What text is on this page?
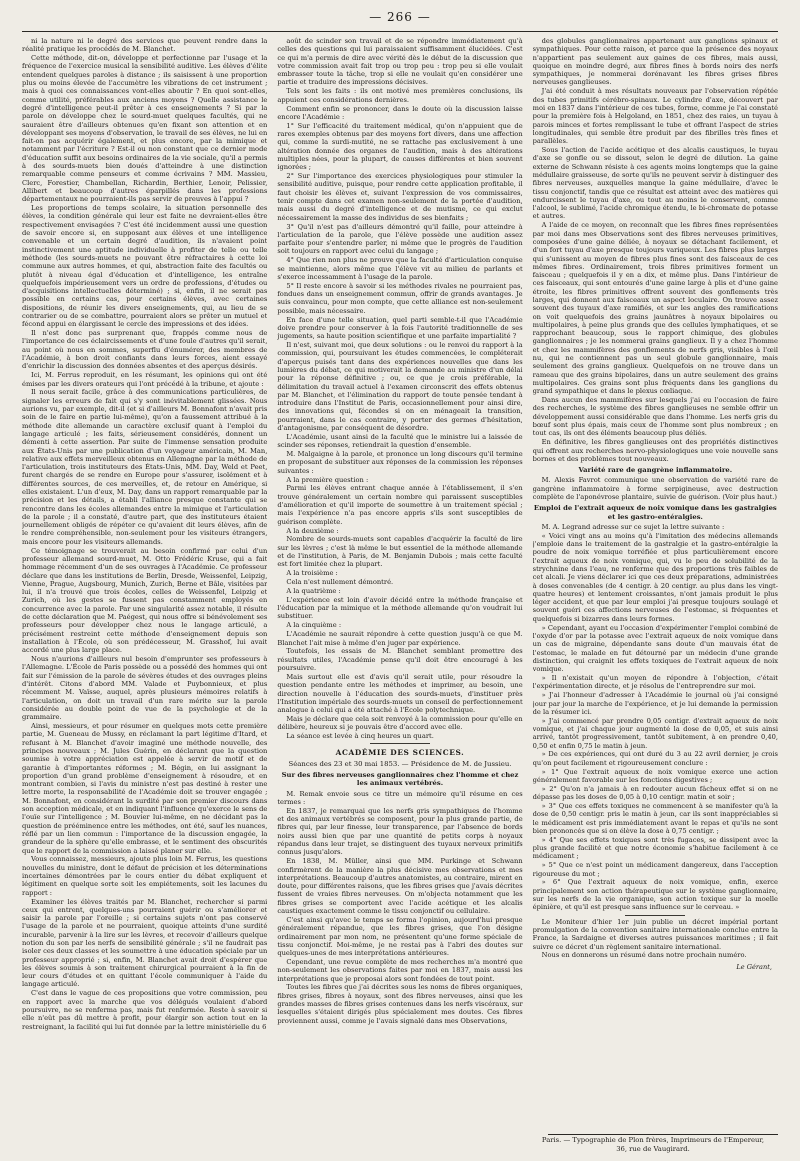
— 266 —

ni la nature ni le degré des services que peuvent rendre dans la réalité pratique les procédés de M. Blanchet.

Cette méthode, dit-on, développe et perfectionne par l'usage et la fréquence de l'exercice musical la sensibilité auditive. Les élèves d'élite entendent quelques paroles à distance ; ils saisissent à une proportion plus ou moins élevée de l'accumètre les vibrations de cet instrument ; mais à quoi ces connaissances vont-elles aboutir ? En quoi sont-elles, comme utilité, préférables aux anciens moyens ? Quelle assistance le degré d'intelligence peut-il prêter à ces enseignements ? Si par la parole on développe chez le sourd-muet quelques facultés, qui ne sauraient être d'ailleurs obtenues qu'en fixant son attention et en développant ses moyens d'observation, le travail de ses élèves, ne lui en fait-on pas acquérir également, et plus encore, par la mimique et notamment par l'écriture ? Est-il ou non constant que ce dernier mode d'éducation suffit aux besoins ordinaires de la vie sociale, qu'il a permis à des sourds-muets bien doués d'atteindre à une distinction remarquable comme penseurs et comme écrivains ? MM. Massieu, Clerc, Forestier, Chambellan, Richardin, Berthier, Lenoir, Pelissier, Allibert et beaucoup d'autres éparpillés dans les professions départementaux ne pourraient-ils pas servir de preuves à l'appui ?

Les proportions de temps scolaire, la situation personnelle des élèves, la condition générale qui leur est faite ne devraient-elles être respectivement envisagées ? C'est été incidemment aussi une question de savoir encore si, en supposant aux élèves et une intelligence convenable et un certain degré d'audition, ils n'avaient point instinctivement une aptitude individuelle à profiter de telle ou telle méthode (les sourds-muets ne pouvant être réfractaires à cette loi commune aux autres hommes, et qui, abstraction faite des facultés ou plutôt à niveau égal d'éducation et d'intelligence, les entraîne quelquefois impérieusement vers un ordre de professions, d'études ou d'acquisitions intellectuelles déterminé) ; si, enfin, il ne serait pas possible en certains cas, pour certains élèves, avec certaines dispositions, de réunir les divers enseignements, qui, au lieu de se contrarier ou de se combattre, pourraient alors se prêter un mutuel et fécond appui en élargissant le cercle des impressions et des idées.

Il n'est donc pas surprenant que, frappés comme nous de l'importance de ces éclaircissements et d'une foule d'autres qu'il serait, au point où nous en sommes, superflu d'énumérer, des membres de l'Académie, à bon droit confiants dans leurs forces, aient essayé d'enrichir la discussion des données absentes et des aperçus désirés.

Ici, M. Ferrus reproduit, en les résumant, les opinions qui ont été émises par les divers orateurs qui l'ont précédé à la tribune, et ajoute :

Il nous serait facile, grâce à des communications particulières, de signaler les erreurs de fait qui s'y sont inévitablement glissées. Nous aurions vu, par exemple, dit-il (et si d'ailleurs M. Bonnafont n'avait pris soin de le faire en partie lui-même), qu'on a faussement attribué à la méthode dite allemande un caractère exclusif quant à l'emploi du langage articulé ; les faits, sérieusement considérés, donnent un démenti à cette assertion. Par suite de l'immense sensation produite aux États-Unis par une publication d'un voyageur américain, M. Man, relative aux effets merveilleux obtenus en Allemagne par la méthode de l'articulation, trois instituteurs des États-Unis, MM. Day, Weld et Peet, furent chargés de se rendre en Europe pour s'assurer, isolément et à différentes sources, de ces merveilles, et, de retour en Amérique, si elles existaient. L'un d'eux, M. Day, dans un rapport remarquable par la précision et les détails, a établi l'alliance presque constante qui se rencontre dans les écoles allemandes entre la mimique et l'articulation de la parole ; il a constaté, d'autre part, que des instituteurs étaient journellement obligés de répéter ce qu'avaient dit leurs élèves, afin de le rendre compréhensible, non-seulement pour les visiteurs étrangers, mais encore pour les visiteurs allemands.

Ce témoignage se trouverait au besoin confirmé par celui d'un professeur allemand sourd-muet, M. Otto Frédéric Kruse, qui a fait hommage récemment d'un de ses ouvrages à l'Académie. Ce professeur déclare que dans les institutions de Berlin, Dresde, Weissenfel, Leipzig, Vienne, Prague, Augsbourg, Munich, Zurich, Berne et Bâle, visitées par lui, il n'a trouvé que trois écoles, celles de Weissenfel, Leipzig et Zurich, où les gestes se fussent pas constamment employés en concurrence avec la parole. Par une singularité assez notable, il résulte de cette déclaration que M. Paégest, qui nous offre si bénévolement ses professeurs pour développer chez nous le langage articulé, a précisément restreint cette méthode d'enseignement depuis son installation à l'École, où son prédécesseur, M. Grasshof, lui avait accordé une plus large place.

Nous n'aurions d'ailleurs nul besoin d'emprunter ses professeurs à l'Allemagne. L'École de Paris possède ou a possédé des hommes qui ont fait sur l'émission de la parole de sévères études et des ouvrages pleins d'intérêt. Citons d'abord MM. Valade et Puybonnieux, et plus récemment M. Vaïsse, auquel, après plusieurs mémoires relatifs à l'articulation, on doit un travail d'un rare mérite sur la parole considérée au double point de vue de la psychologie et de la grammaire.

Ainsi, messieurs, et pour résumer en quelques mots cette première partie, M. Gueneau de Mussy, en réclamant la part légitime d'Itard, et refusant à M. Blanchet d'avoir imaginé une méthode nouvelle, des principes nouveaux ; M. Jules Guérin, en déclarant que la question soumise à votre appréciation est appelée à servir de motif et de garantie à d'importantes réformes ; M. Bégin, en lui assignant la proportion d'un grand problème d'enseignement à résoudre, et en montrant combien, si l'avis du ministre n'est pas destiné à rester une lettre morte, la responsabilité de l'Académie doit se trouver engagée ; M. Bonnafont, en considérant la surdité par son premier discours dans son acception médicale, et en indiquant l'influence qu'exerce le sens de l'ouïe sur l'intelligence ; M. Bouvier lui-même, en ne décidant pas la question de prééminence entre les méthodes, ont été, sauf les nuances, réflé par un lien commun : l'importance de la discussion engagée, la grandeur de la sphère qu'elle embrasse, et le sentiment des obscurités que le rapport de la commission a laissé planer sur elle.

Vous connaissez, messieurs, ajoute plus loin M. Ferrus, les questions nouvelles du ministre, dont le défaut de précision et les déterminations incertaines démontrées par le cours entier du débat expliquent et légitiment en quelque sorte soit les empiétements, soit les lacunes du rapport :

Examiner les élèves traités par M. Blanchet, rechercher si parmi ceux qui entrent, quelques-uns pourraient guérir ou s'améliorer et saisir la parole par l'oreille ; si certains sujets n'ont pas conservé l'usage de la parole et ne pourraient, quoique atteints d'une surdité incurable, parvenir à la lire sur les lèvres, et recevoir d'ailleurs quelque notion du son par les nerfs de sensibilité générale ; s'il ne faudrait pas isoler ces deux classes et les soumettre à une éducation spéciale par un professeur approprié ; si, enfin, M. Blanchet avait droit d'espérer que les élèves soumis à son traitement chirurgical pourraient à la fin de leur cours d'études et en quittant l'école communiquer à l'aide du langage articulé.

C'est dans le vague de ces propositions que votre commission, peu en rapport avec la marche que vos délégués voulaient d'abord poursuivre, ne se renferma pas, mais fut renfermée. Reste à savoir si elle n'eût pas dû mettre à profit, pour élargir son action tout en la restreignant, la facilité qui lui fut donnée par la lettre ministérielle du 6

août de scinder son travail et de se répondre immédiatement qu'à celles des questions qui lui paraissaient suffisamment élucidées. C'est ce qui m'a permis de dire avec vérité dès le début de la discussion que votre commission avait fait trop ou trop peu : trop peu si elle voulait embrasser toute la tâche, trop si elle ne voulait qu'en considérer une partie et traduire des impressions décisives.

Tels sont les faits : ils ont motivé mes premières conclusions, ils appuient ces considérations dernières.

Comment enfin se prononcer, dans le doute où la discussion laisse encore l'Académie :

1° Sur l'efficacité du traitement médical, qu'on n'appuient que de rares exemples obtenus par des moyens fort divers, dans une affection qui, comme la surdi-mutité, ne se rattache pas exclusivement à une altération donnée des organes de l'audition, mais à des altérations multiples nées, pour la plupart, de causes différentes et bien souvent ignorées ;

2° Sur l'importance des exercices physiologiques pour stimuler la sensibilité auditive, puisque, pour rendre cette application profitable, il faut choisir les élèves et, suivant l'expression de vos commissaires, tenir compte dans cet examen non-seulement de la portée d'audition, mais aussi du degré d'intelligence et de mutisme, ce qui exclut nécessairement la masse des individus de ses bienfaits ;

3° Qu'il n'est pas d'ailleurs démontré qu'il faille, pour atteindre à l'articulation de la parole, que l'élève possède une audition assez parfaite pour s'entendre parler, ni même que le progrès de l'audition soit toujours en rapport avec celui du langage ;

4° Que rien non plus ne prouve que la faculté d'articulation conquise se maintienne, alors même que l'élève vit au milieu de parlants et s'exerce incessamment à l'usage de la parole.

5° Il reste encore à savoir si les méthodes rivales ne pourraient pas, fondues dans un enseignement commun, offrir de grands avantages. Je suis convaincu, pour mon compte, que cette alliance est non-seulement possible, mais nécessaire.

En face d'une telle situation, quel parti semble-t-il que l'Académie doive prendre pour conserver à la fois l'autorité traditionnelle de ses jugements, sa haute position scientifique et une parfaite impartialité ?

Il n'est, suivant moi, que deux solutions : ou le renvoi du rapport à la commission, qui, poursuivant les études commencées, le compléterait d'aperçus puisés tant dans des expériences nouvelles que dans les lumières du débat, ce qui motiverait la demande au ministre d'un délai pour la réponse définitive ; ou, ce que je crois préférable, la délimitation du travail actuel à l'examen circonscrit des effets obtenus par M. Blanchet, et l'élimination du rapport de toute pensée tendant à introduire dans l'Institut de Paris, occasionnellement pour ainsi dire, des innovations qui, fécondes si on en ménageait la transition, pourraient, dans le cas contraire, y porter des germes d'hésitation, d'antagonisme, par conséquent de désordre.

L'Académie, usant ainsi de la faculté que le ministre lui a laissée de scinder ses réponses, retiendrait la question d'ensemble.

M. Malgaigne à la parole, et prononce un long discours qu'il termine en proposant de substituer aux réponses de la commission les réponses suivantes :

A la première question :

Parmi les élèves entrant chaque année à l'établissement, il s'en trouve généralement un certain nombre qui paraissent susceptibles d'amélioration et qu'il importe de soumettre à un traitement spécial ; mais l'expérience n'a pas encore appris s'ils sont susceptibles de guérison complète.

A la deuxième :

Nombre de sourds-muets sont capables d'acquérir la faculté de lire sur les lèvres ; c'est là même le but essentiel de la méthode allemande et de l'institution, à Paris, de M. Benjamin Dubois ; mais cette faculté est fort limitée chez la plupart.

A la troisième :

Cela n'est nullement démontré.

A la quatrième :

L'expérience est loin d'avoir décidé entre la méthode française et l'éducation par la mimique et la méthode allemande qu'on voudrait lui substituer.

A la cinquième :

L'Académie ne saurait répondre à cette question jusqu'à ce que M. Blanchet l'ait mise à même d'en juger par expérience.

Toutefois, les essais de M. Blanchet semblant promettre des résultats utiles, l'Académie pense qu'il doit être encouragé à les poursuivre.

Mais surtout elle est d'avis qu'il serait utile, pour résoudre la question pendante entre les méthodes et imprimer, au besoin, une direction nouvelle à l'éducation des sourds-muets, d'instituer près l'Institution impériale des sourds-muets un conseil de perfectionnement analogue à celui qui a été attaché à l'École polytechnique.

Mais je déclare que cela soit renvoyé à la commission pour qu'elle en délibère, heureux si je pouvais être d'accord avec elle.

La séance est levée à cinq heures un quart.

ACADÉMIE DES SCIENCES.
Séances des 23 et 30 mai 1853. — Présidence de M. de Jussieu.
Sur des fibres nerveuses ganglionnaires chez l'homme et chez les animaux vertébrés.

M. Remak envoie sous ce titre un mémoire qu'il résume en ces termes :

En 1837, je remarquai que les nerfs gris sympathiques de l'homme et des animaux vertébrés se composent, pour la plus grande partie, de fibres qui, par leur finesse, leur transparence, par l'absence de bords noirs aussi bien que par une quantité de petits corps à noyaux répandus dans leur trajet, se distinguent des tuyaux nerveux primitifs connus jusqu'alors.

En 1838, M. Müller, ainsi que MM. Purkinge et Schwann confirmèrent de la manière la plus décisive mes observations et mes interprétations. Beaucoup d'autres anatomistes, au contraire, mirent en doute, pour différentes raisons, que les fibres grises que j'avais décrites fussent de vraies fibres nerveuses. On m'objecta notamment que les fibres grises se comportent avec l'acide acétique et les alcalis caustiques exactement comme le tissu conjonctif ou cellulaire.

C'est ainsi qu'avec le temps se forma l'opinion, aujourd'hui presque généralement répandue, que les fibres grises, que l'on désigne ordinairement par mon nom, ne présentent qu'une forme spéciale de tissu conjonctif. Moi-même, je ne restai pas à l'abri des doutes sur quelques-unes de mes interprétations antérieures.

Cependant, une revue complète de mes recherches m'a montré que non-seulement les observations faites par moi en 1837, mais aussi les interprétations que je proposai alors sont fondées de tout point.

Toutes les fibres que j'ai décrites sous les noms de fibres organiques, fibres grises, fibres à noyaux, sont des fibres nerveuses, ainsi que les grandes masses de fibres grises contenues dans les nerfs viscéraux, sur lesquelles s'étaient dirigés plus spécialement mes doutes. Ces fibres proviennent aussi, comme je l'avais signalé dans mes Observations,

des globules ganglionnaires appartenant aux ganglions spinaux et sympathiques. Pour cette raison, et parce que la présence des noyaux n'appartient pas seulement aux gaines de ces fibres, mais aussi, quoique en moindre degré, aux fibres fines à bords noirs des nerfs sympathiques, je nommerai dorénavant les fibres grises fibres nerveuses ganglieuses.

J'ai été conduit à mes résultats nouveaux par l'observation répétée des tubes primitifs cérébro-spinaux. Le cylindre d'axe, découvert par moi en 1837 dans l'intérieur de ces tubes, forme, comme je l'ai constaté pour la première fois à Helgoland, en 1851, chez des raies, un tuyau à parois minces et fortes remplissant le tube et offrant l'aspect de stries longitudinales, qui semble être produit par des fibrilles très fines et parallèles.

Sous l'action de l'acide acétique et des alcalis caustiques, le tuyau d'axe se gonfle ou se dissout, selon le degré de dilution. La gaine externe de Schwann résiste à ces agents moins longtemps que la gaine médullaire graisseuse, de sorte qu'ils ne peuvent servir à distinguer des fibres nerveuses, auxquelles manque la gaine médullaire, d'avec le tissu conjonctif, tandis que ce résultat est atteint avec des matières qui endurcissent le tuyau d'axe, ou tout au moins le conservent, comme l'alcool, le sublimé, l'acide chromique étendu, le bi-chromate de potasse et autres.

A l'aide de ce moyen, on reconnaît que les fibres fines représentées par moi dans mes Observations sont des fibres nerveuses primitives, composées d'une gaine déliée, à noyaux se détachant facilement, et d'un fort tuyau d'axe presque toujours variqueux. Les fibres plus larges qui s'unissent au moyen de fibres plus fines sont des faisceaux de ces mêmes fibres. Ordinairement, trois fibres primitives forment un faisceau ; quelquefois il y en a dix, et même plus. Dans l'intérieur de ces faisceaux, qui sont entourés d'une gaine large à plis et d'une gaine étroite, les fibres primitives offrent souvent des gonflements très larges, qui donnent aux faisceaux un aspect loculaire. On trouve assez souvent des tuyaux d'axe ramifiés, et sur les angles des ramifications on voit quelquefois des grains jaunâtres à noyaux bipolaires ou multipolaires, à peine plus grands que des cellules lymphatiques, et se rapprochant beaucoup, sous le rapport chimique, des globules ganglionnaires ; je les nommerai grains ganglieux. Il y a chez l'homme et chez les mammifères des gonflements de nerfs gris, visibles à l'œil nu, qui ne contiennent pas un seul globule ganglionnaire, mais seulement des grains ganglieux. Quelquefois on ne trouve dans un rameau que des grains bipolaires, dans un autre seulement des grains multipolaires. Ces grains sont plus fréquents dans les ganglions du grand sympathique et dans le plexus cœliaque.

Dans aucun des mammifères sur lesquels j'ai eu l'occasion de faire des recherches, le système des fibres ganglieuses ne semble offrir un développement aussi considérable que dans l'homme. Les nerfs gris du bœuf sont plus épais, mais ceux de l'homme sont plus nombreux ; en tout cas, ils ont des éléments beaucoup plus déliés.

En définitive, les fibres ganglieuses ont des propriétés distinctives qui offrent aux recherches nervo-physiologiques une voie nouvelle sans bornes et des problèmes tout nouveaux.

Variété rare de gangrène inflammatoire.

M. Alexis Favrot communique une observation de variété rare de gangrène inflammatoire à forme serpigineuse, avec destruction complète de l'aponévrose plantaire, suivie de guérison. (Voir plus haut.)

Emploi de l'extrait aqueux de noix vomique dans les gastralgies et les gastro-entéralgies.

M. A. Legrand adresse sur ce sujet la lettre suivante :

« Voici vingt ans au moins qu'à l'imitation des médecins allemands j'emploie dans le traitement de la gastralgie et la gastro-entéralgie la poudre de noix vomique torréfiée et plus particulièrement encore l'extrait aqueux de noix vomique, qui, vu le peu de solubilité de la strychnine dans l'eau, ne renferme que des proportions très faibles de cet alcali. Je viens déclarer ici que ces deux préparations, administrées à doses convenables (de 4 centigr. à 20 centigr. au plus dans les vingt-quatre heures) et lentement croissantes, n'ont jamais produit le plus léger accident, et que par leur emploi j'ai presque toujours soulagé et souvent guéri ces affections nerveuses de l'estomac, si fréquentes et quelquefois si bizarres dans leurs formes.

» Cependant, ayant eu l'occasion d'expérimenter l'emploi combiné de l'oxyde d'or par la potasse avec l'extrait aqueux de noix vomique dans un cas de migraine, dépendante sans doute d'un mauvais état de l'estomac, le malade en fut détourné par un médecin d'une grande distinction, qui craignit les effets toxiques de l'extrait aqueux de noix vomique.

» Il n'existait qu'un moyen de répondre à l'objection, c'était l'expérimentation directe, et je résolus de l'entreprendre sur moi.

» J'ai l'honneur d'adresser à l'Académie le journal où j'ai consigné jour par jour la marche de l'expérience, et je lui demande la permission de la résumer ici.

» J'ai commencé par prendre 0,05 centigr. d'extrait aqueux de noix vomique, et j'ai chaque jour augmenté la dose de 0,05, et suis ainsi arrivé, tantôt progressivement, tantôt subitement, à en prendre 0,40, 0,50 et enfin 0,75 le matin à jeun.

» De ces expériences, qui ont duré du 3 au 22 avril dernier, je crois qu'on peut facilement et rigoureusement conclure :

» 1° Que l'extrait aqueux de noix vomique exerce une action généralement favorable sur les fonctions digestives ;

» 2° Qu'on n'a jamais à en redouter aucun fâcheux effet si on ne dépasse pas les doses de 0,05 à 0,10 centigr. matin et soir ;

» 3° Que ces effets toxiques ne commencent à se manifester qu'à la dose de 0,50 centigr. pris le matin à jeun, car ils sont inappréciables si le médicament est pris immédiatement avant le repas et qu'ils ne sont bien prononcés que si on élève la dose à 0,75 centigr. ;

» 4° Que ses effets toxiques sont très fugaces, se dissipent avec la plus grande facilité et que notre économie s'habitue facilement à ce médicament ;

» 5° Que ce n'est point un médicament dangereux, dans l'acception rigoureuse du mot ;

» 6° Que l'extrait aqueux de noix vomique, enfin, exerce principalement son action thérapeutique sur le système ganglionnaire, sur les nerfs de la vie organique, son action toxique sur la moelle épinière, et qu'il est presque sans influence sur le cerveau. »

Le Moniteur d'hier 1er juin publie un décret impérial portant promulgation de la convention sanitaire internationale conclue entre la France, la Sardaigne et diverses autres puissances maritimes ; il fait suivre ce décret d'un règlement sanitaire international.

Nous en donnerons un résumé dans notre prochain numéro.

Le Gérant,
Paris. — Typographie de Plon frères, Imprimeurs de l'Empereur,
36, rue de Vaugirard.
